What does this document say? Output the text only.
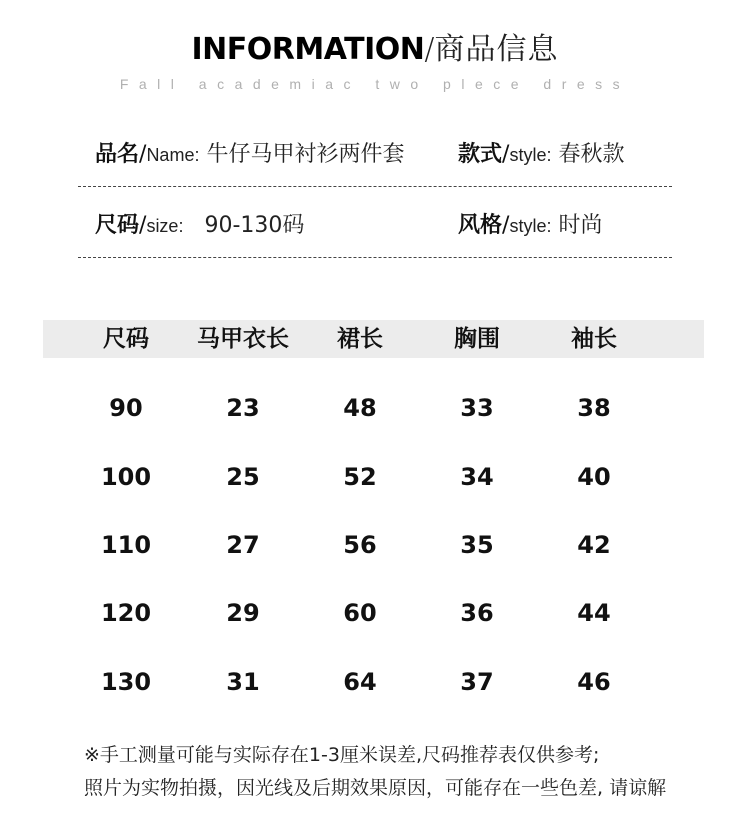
INFORMATION/商品信息
Fall academiac two plece dress
品名/Name: 牛仔马甲衬衫两件套 款式/style: 春秋款
尺码/size: 90-130码	风格/style: 时尚
尺码	马甲衣长	裙长	胸围	袖长
90	23	48	33	38
100	25	52	34	40
110	27	56	35	42
120	29	60	36	44
130	31	64	37	46
※手工测量可能与实际存在1-3厘米误差,尺码推荐表仅供参考;
照片为实物拍摄，因光线及后期效果原因，可能存在一些色差, 请谅解
